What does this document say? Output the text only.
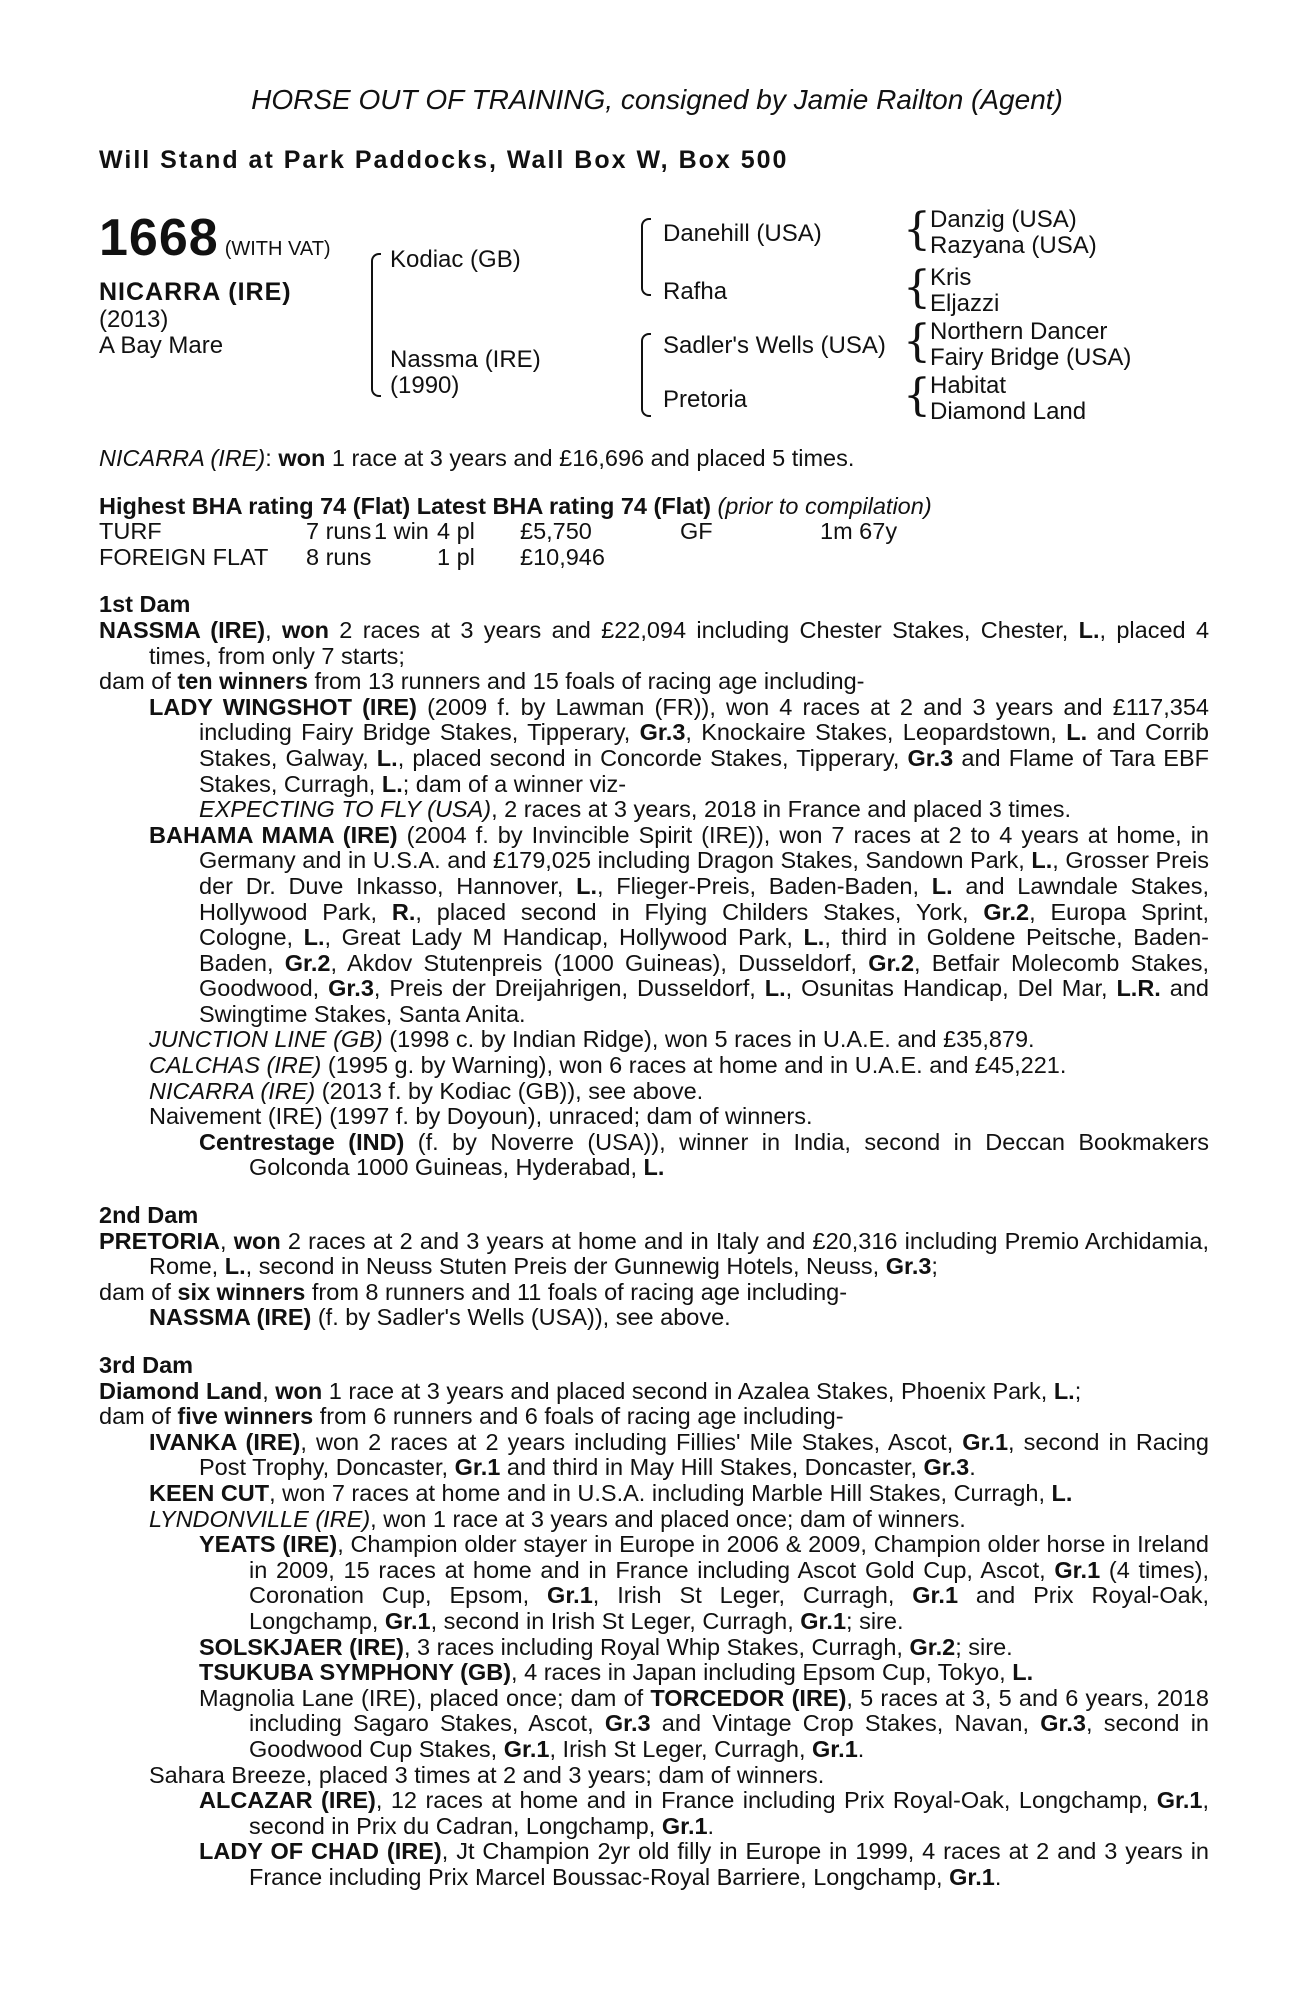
HORSE OUT OF TRAINING, consigned by Jamie Railton (Agent)
Will Stand at Park Paddocks, Wall Box W, Box 500
1668 (WITH VAT)
NICARRA (IRE)
(2013)
A Bay Mare
Kodiac (GB)
Nassma (IRE)
(1990)
Danehill (USA)
Rafha
Sadler's Wells (USA)
Pretoria
{ Danzig (USA)
Razyana (USA)
{ Kris
Eljazzi
{ Northern Dancer
Fairy Bridge (USA)
{ Habitat
Diamond Land

NICARRA (IRE): won 1 race at 3 years and £16,696 and placed 5 times.

Highest BHA rating 74 (Flat) Latest BHA rating 74 (Flat) (prior to compilation)

TURF	7 runs 1 win 4 pl	£5,750	GF	1m 67y
FOREIGN FLAT	8 runs	1 pl	£10,946

1st Dam

NASSMA (IRE), won 2 races at 3 years and £22,094 including Chester Stakes, Chester, L., placed 4 times, from only 7 starts;

dam of ten winners from 13 runners and 15 foals of racing age including-

LADY WINGSHOT (IRE) (2009 f. by Lawman (FR)), won 4 races at 2 and 3 years and £117,354 including Fairy Bridge Stakes, Tipperary, Gr.3, Knockaire Stakes, Leopardstown, L. and Corrib Stakes, Galway, L., placed second in Concorde Stakes, Tipperary, Gr.3 and Flame of Tara EBF Stakes, Curragh, L.; dam of a winner viz-

EXPECTING TO FLY (USA), 2 races at 3 years, 2018 in France and placed 3 times.

BAHAMA MAMA (IRE) (2004 f. by Invincible Spirit (IRE)), won 7 races at 2 to 4 years at home, in Germany and in U.S.A. and £179,025 including Dragon Stakes, Sandown Park, L., Grosser Preis der Dr. Duve Inkasso, Hannover, L., Flieger-Preis, Baden-Baden, L. and Lawndale Stakes, Hollywood Park, R., placed second in Flying Childers Stakes, York, Gr.2, Europa Sprint, Cologne, L., Great Lady M Handicap, Hollywood Park, L., third in Goldene Peitsche, Baden-Baden, Gr.2, Akdov Stutenpreis (1000 Guineas), Dusseldorf, Gr.2, Betfair Molecomb Stakes, Goodwood, Gr.3, Preis der Dreijahrigen, Dusseldorf, L., Osunitas Handicap, Del Mar, L.R. and Swingtime Stakes, Santa Anita.

JUNCTION LINE (GB) (1998 c. by Indian Ridge), won 5 races in U.A.E. and £35,879.

CALCHAS (IRE) (1995 g. by Warning), won 6 races at home and in U.A.E. and £45,221.

NICARRA (IRE) (2013 f. by Kodiac (GB)), see above.

Naivement (IRE) (1997 f. by Doyoun), unraced; dam of winners.

Centrestage (IND) (f. by Noverre (USA)), winner in India, second in Deccan Bookmakers Golconda 1000 Guineas, Hyderabad, L.

2nd Dam

PRETORIA, won 2 races at 2 and 3 years at home and in Italy and £20,316 including Premio Archidamia, Rome, L., second in Neuss Stuten Preis der Gunnewig Hotels, Neuss, Gr.3;

dam of six winners from 8 runners and 11 foals of racing age including-

NASSMA (IRE) (f. by Sadler's Wells (USA)), see above.

3rd Dam

Diamond Land, won 1 race at 3 years and placed second in Azalea Stakes, Phoenix Park, L.;

dam of five winners from 6 runners and 6 foals of racing age including-

IVANKA (IRE), won 2 races at 2 years including Fillies' Mile Stakes, Ascot, Gr.1, second in Racing Post Trophy, Doncaster, Gr.1 and third in May Hill Stakes, Doncaster, Gr.3.

KEEN CUT, won 7 races at home and in U.S.A. including Marble Hill Stakes, Curragh, L.

LYNDONVILLE (IRE), won 1 race at 3 years and placed once; dam of winners.

YEATS (IRE), Champion older stayer in Europe in 2006 & 2009, Champion older horse in Ireland in 2009, 15 races at home and in France including Ascot Gold Cup, Ascot, Gr.1 (4 times), Coronation Cup, Epsom, Gr.1, Irish St Leger, Curragh, Gr.1 and Prix Royal-Oak, Longchamp, Gr.1, second in Irish St Leger, Curragh, Gr.1; sire.

SOLSKJAER (IRE), 3 races including Royal Whip Stakes, Curragh, Gr.2; sire.

TSUKUBA SYMPHONY (GB), 4 races in Japan including Epsom Cup, Tokyo, L.

Magnolia Lane (IRE), placed once; dam of TORCEDOR (IRE), 5 races at 3, 5 and 6 years, 2018 including Sagaro Stakes, Ascot, Gr.3 and Vintage Crop Stakes, Navan, Gr.3, second in Goodwood Cup Stakes, Gr.1, Irish St Leger, Curragh, Gr.1.

Sahara Breeze, placed 3 times at 2 and 3 years; dam of winners.

ALCAZAR (IRE), 12 races at home and in France including Prix Royal-Oak, Longchamp, Gr.1, second in Prix du Cadran, Longchamp, Gr.1.

LADY OF CHAD (IRE), Jt Champion 2yr old filly in Europe in 1999, 4 races at 2 and 3 years in France including Prix Marcel Boussac-Royal Barriere, Longchamp, Gr.1.
